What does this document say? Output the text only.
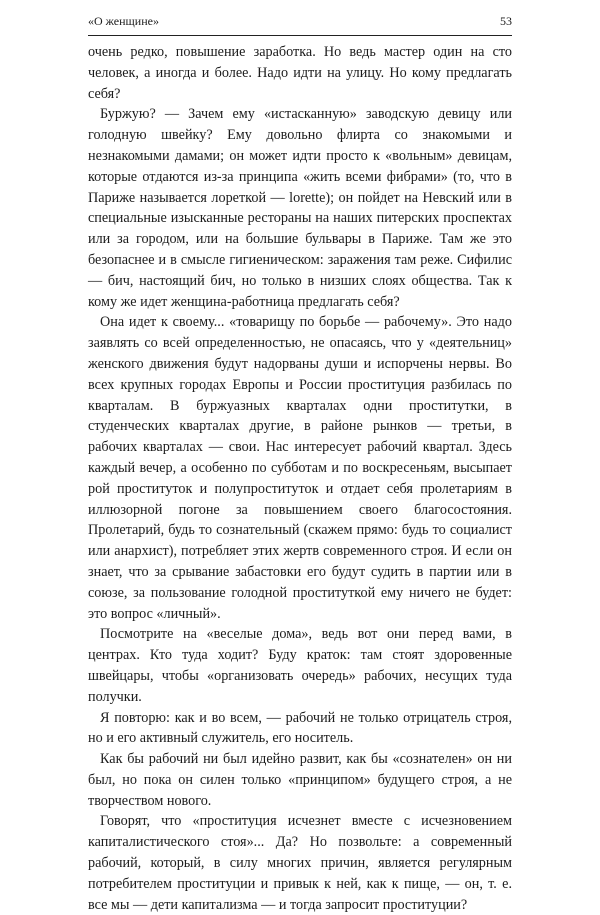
«О женщине»	53

очень редко, повышение заработка. Но ведь мастер один на сто человек, а иногда и более. Надо идти на улицу. Но кому предлагать себя?

Буржую? — Зачем ему «истасканную» заводскую девицу или голодную швейку? Ему довольно флирта со знакомыми и незнакомыми дамами; он может идти просто к «вольным» девицам, которые отдаются из-за принципа «жить всеми фибрами» (то, что в Париже называется лореткой — lorette); он пойдет на Невский или в специальные изысканные рестораны на наших питерских проспектах или за городом, или на большие бульвары в Париже. Там же это безопаснее и в смысле гигиеническом: заражения там реже. Сифилис — бич, настоящий бич, но только в низших слоях общества. Так к кому же идет женщина-работница предлагать себя?

Она идет к своему... «товарищу по борьбе — рабочему». Это надо заявлять со всей определенностью, не опасаясь, что у «деятельниц» женского движения будут надорваны души и испорчены нервы. Во всех крупных городах Европы и России проституция разбилась по кварталам. В буржуазных кварталах одни проститутки, в студенческих кварталах другие, в районе рынков — третьи, в рабочих кварталах — свои. Нас интересует рабочий квартал. Здесь каждый вечер, а особенно по субботам и по воскресеньям, высыпает рой проституток и полупроституток и отдает себя пролетариям в иллюзорной погоне за повышением своего благосостояния. Пролетарий, будь то сознательный (скажем прямо: будь то социалист или анархист), потребляет этих жертв современного строя. И если он знает, что за срывание забастовки его будут судить в партии или в союзе, за пользование голодной проституткой ему ничего не будет: это вопрос «личный».

Посмотрите на «веселые дома», ведь вот они перед вами, в центрах. Кто туда ходит? Буду краток: там стоят здоровенные швейцары, чтобы «организовать очередь» рабочих, несущих туда получки.

Я повторю: как и во всем, — рабочий не только отрицатель строя, но и его активный служитель, его носитель.

Как бы рабочий ни был идейно развит, как бы «сознателен» он ни был, но пока он силен только «принципом» будущего строя, а не творчеством нового.

Говорят, что «проституция исчезнет вместе с исчезновением капиталистического стоя»... Да? Но позвольте: а современный рабочий, который, в силу многих причин, является регулярным потребителем проституции и привык к ней, как к пище, — он, т. е. все мы — дети капитализма — и тогда запросит проституции?
